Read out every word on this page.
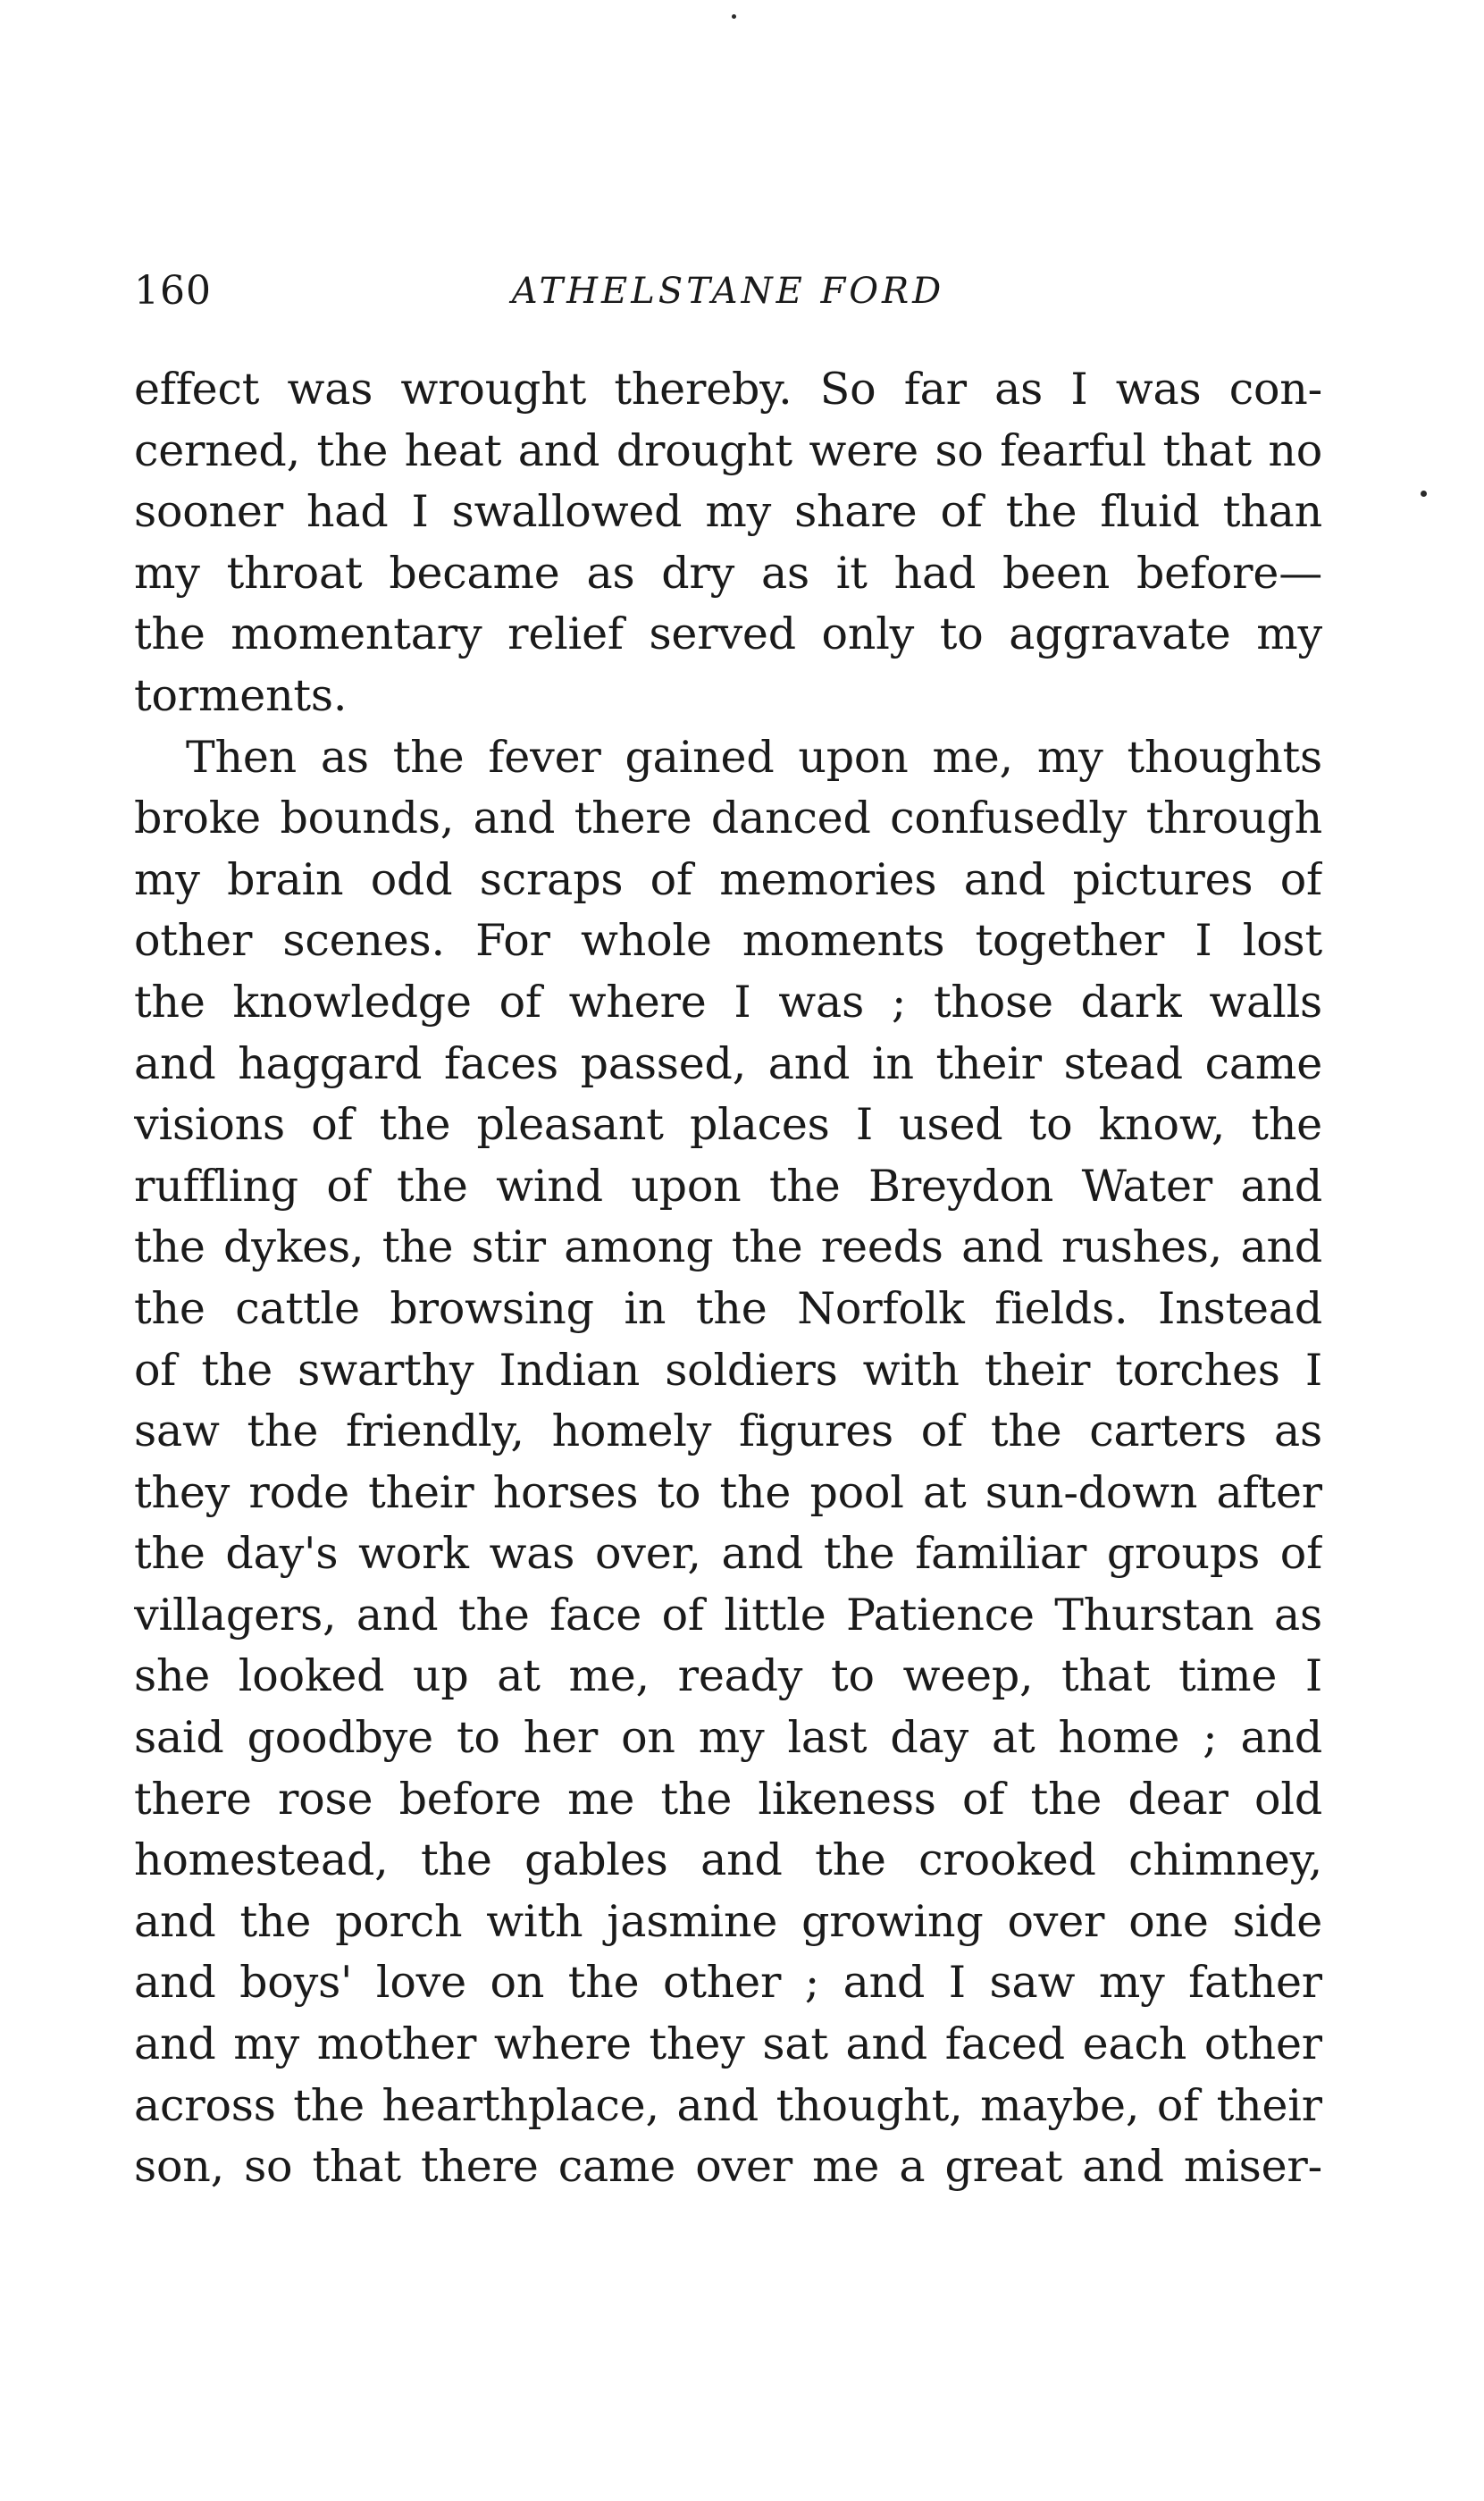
160	ATHELSTANE FORD
effect was wrought thereby. So far as I was con-
cerned, the heat and drought were so fearful that no
sooner had I swallowed my share of the fluid than
my throat became as dry as it had been before—
the momentary relief served only to aggravate my
torments.
Then as the fever gained upon me, my thoughts
broke bounds, and there danced confusedly through
my brain odd scraps of memories and pictures of
other scenes. For whole moments together I lost
the knowledge of where I was ; those dark walls
and haggard faces passed, and in their stead came
visions of the pleasant places I used to know, the
ruffling of the wind upon the Breydon Water and
the dykes, the stir among the reeds and rushes, and
the cattle browsing in the Norfolk fields. Instead
of the swarthy Indian soldiers with their torches I
saw the friendly, homely figures of the carters as
they rode their horses to the pool at sun-down after
the day's work was over, and the familiar groups of
villagers, and the face of little Patience Thurstan as
she looked up at me, ready to weep, that time I
said goodbye to her on my last day at home ; and
there rose before me the likeness of the dear old
homestead, the gables and the crooked chimney,
and the porch with jasmine growing over one side
and boys' love on the other ; and I saw my father
and my mother where they sat and faced each other
across the hearthplace, and thought, maybe, of their
son, so that there came over me a great and miser-
